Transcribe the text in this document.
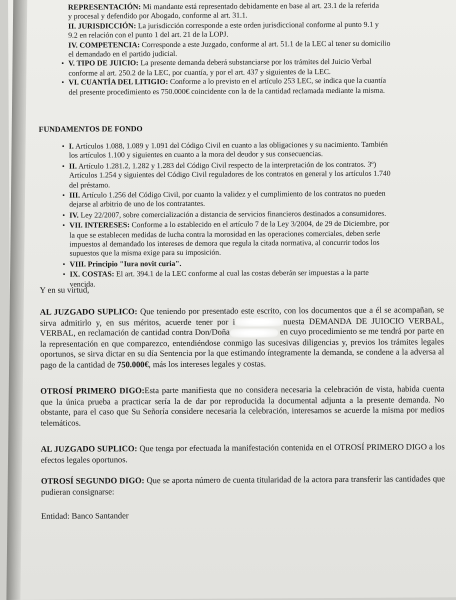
REPRESENTACIÓN: Mi mandante está representado debidamente en base al art. 23.1 de la referida
y procesal y defendido por Abogado, conforme al art. 31.1.
II. JURISDICCIÓN: La jurisdicción corresponde a este orden jurisdiccional conforme al punto 9.1 y
9.2 en relación con el punto 1 del art. 21 de la LOPJ.
IV. COMPETENCIA: Corresponde a este Juzgado, conforme al art. 51.1 de la LEC al tener su domicilio
el demandado en el partido judicial.
• V. TIPO DE JUICIO: La presente demanda deberá substanciarse por los trámites del Juicio Verbal
conforme al art. 250.2 de la LEC, por cuantía, y por el art. 437 y siguientes de la LEC.
• VI. CUANTÍA DEL LITIGIO: Conforme a lo previsto en el artículo 253 LEC, se indica que la cuantía
del presente procedimiento es 750.000€ coincidente con la de la cantidad reclamada mediante la misma.
FUNDAMENTOS DE FONDO
• I. Artículos 1.088, 1.089 y 1.091 del Código Civil en cuanto a las obligaciones y su nacimiento. También
los artículos 1.100 y siguientes en cuanto a la mora del deudor y sus consecuencias.
• II. Artículo 1.281.2, 1.282 y 1.283 del Código Civil respecto de la interpretación de los contratos. 3º)
Artículos 1.254 y siguientes del Código Civil reguladores de los contratos en general y los artículos 1.740
del préstamo.
• III. Artículo 1.256 del Código Civil, por cuanto la validez y el cumplimiento de los contratos no pueden
dejarse al arbitrio de uno de los contratantes.
• IV. Ley 22/2007, sobre comercialización a distancia de servicios financieros destinados a consumidores.
• VII. INTERESES: Conforme a lo establecido en el artículo 7 de la Ley 3/2004, de 29 de Diciembre, por
la que se establecen medidas de lucha contra la morosidad en las operaciones comerciales, deben serle
impuestos al demandado los intereses de demora que regula la citada normativa, al concurrir todos los
supuestos que la misma exige para su imposición.
• VIII. Principio "Iura novit curia".
• IX. COSTAS: El art. 394.1 de la LEC conforme al cual las costas deberán ser impuestas a la parte
vencida.
Y en su virtud,
AL JUZGADO SUPLICO: Que teniendo por presentado este escrito, con los documentos que a él se acompañan, se sirva admitirlo y, en sus méritos, acuerde tener por i	nuesta DEMANDA DE JUIOCIO VERBAL, VERBAL, en reclamación de cantidad contra Don/Doña	en cuyo procedimiento se me tendrá por parte en la representación en que comparezco, entendiéndose conmigo las sucesivas diligencias y, previos los trámites legales oportunos, se sirva dictar en su día Sentencia por la que estimando íntegramente la demanda, se condene a la adversa al pago de la cantidad de 750.000€, más los intereses legales y costas.
OTROSÍ PRIMERO DIGO:Esta parte manifiesta que no considera necesaria la celebración de vista, habida cuenta que la única prueba a practicar sería la de dar por reproducida la documental adjunta a la presente demanda. No obstante, para el caso que Su Señoría considere necesaria la celebración, interesamos se acuerde la misma por medios telemáticos.
AL JUZGADO SUPLICO: Que tenga por efectuada la manifestación contenida en el OTROSÍ PRIMERO DIGO a los efectos legales oportunos.
OTROSÍ SEGUNDO DIGO: Que se aporta número de cuenta titularidad de la actora para transferir las cantidades que pudieran consignarse:
Entidad: Banco Santander
